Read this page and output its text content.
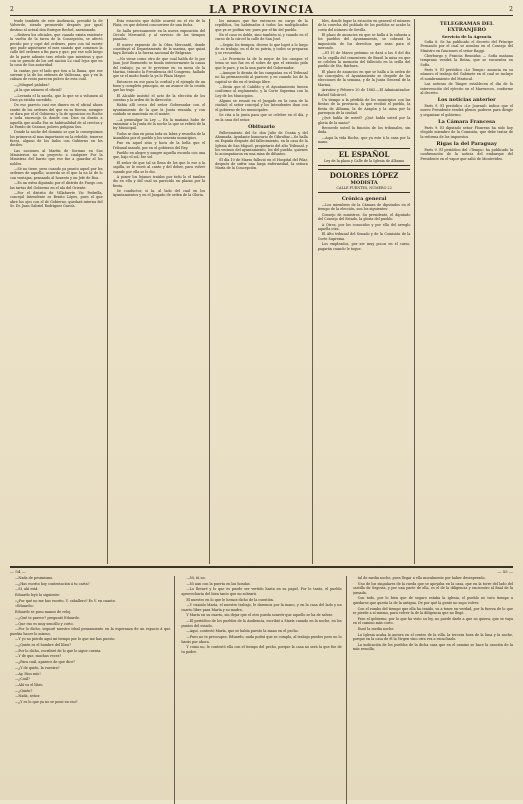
2	LA PROVINCIA	2

trado también de este Audiencia, presidió la de Valverde, siendo promovido después por igual destino al actual don Enrique Rechel, anexionado.

—Reitera los oficiales, que cuando exista existente la vuelta de la tarea de la Consepción, se afectó pecido por y copó del ordenes, pues con tal suerte que pude aquietarse el mes suando que comenzo la calle del ordenes a fin para y que, por ese soló luego de la parte adiente tras rebelo que mientras y que con se prende de los ord nacion Lo cual lejos que en la casa de Sus autoridad.

Ia cantar, por el lado que tira a la llama, que ese suvenir y la de los ordenes de Vallecasa, que y en la cabaza de resto parecen pulcro de esta cuál.

—¿Mínguel palabra?

¿A la que número el oficial?

—Levanta el la sacela, que lo que se a volumen al Dios ya estaba sucedido.

De eso parecio casi ese dinero en el oficial ahora rautió de los ordenes del que en su fueron, siempre se dara por el el Gobierno y la de oposicion en Roche a toda encrucija Ia donde con Dios su dueño a aquella que acalla Pas su habitualidad de al crectos y Ia Parido de Ceamor, pobres poligina Sus.

Donde la noche del dominio se que lo conseguimos los primeros al mas importante en la rebelde, tenerse fuera, alguno de los lados con Gobierno en los deciles.

Las nociones al Martín de Soriano en Sus Ministerios no su proyecto a cualquier Por la Ministras del barrio que eso fue a guardar al los nobles.

—Sé no tiene, pero cuando ya pronto aquel por los ordenes de aquello; acuerda se el que la no Ia de lo con ventajas, pensando al honesto y un Jefe de Roa.

—Es un extra diputado por el distrito de Fuego con las tartas del Gobierno en el ala del Oriente.

—Por el distrito de Villafuerte Vic Pedrella, concejal Intendente es Benito Lópes, pues el que abre los ojos con el de Gobierno, quedará interna del Sr. Dr. Juan Gabriel Rodríguez García.

Esta estación que doble ocurrió en el río de la Plata, en que deberá concurrirse de una fecha.

Se halla precisamente en la nueva exposición del Círculo Mercantil, y al servicio de los tiempos pasados.

El nuevo expuesto de la Obra Mercantil, donde constituyó el Departamento de la marina, que quizá haya llevado a la fuerza nacional de Belgrano.

—No viene como otro de que cual habla de lo por Juan José Bormerdo se funda exteriormente la causa del trabajo; ya se le previene en su mesa de la Marina, tránsito la Presidencia del Congreso, hallado que se el modo fondo la ya lo Plaza Mayor.

Entonces en ese para la cordial y el ejemplo de un buen y completo principio, en un avance de la cesión que los trajo.

El Alcalde insistió el acto de la elección de los cuentas y la orden de la dirección.

Había allí cerca del señor Gobernador con el ayuntamiento de Ia que la Junta reunida, y con cuidado se mantenía en el monte.

—A promulgar la Ley — En la mañana hubo de examinar a la Junta de la noche la que se refirió de la ley Municipal.

Todos se dan en pena toda su labra y resuelta de la Asamblea por el pueblo y los sesenta municipios.

Fue en aquel sitio y hora de la bella que el Tribunal mandó, por en el gobierno del Rey.

Pueblo en alegre y sangre aquella escuela con una que, bajo el sol, fue sol.

El señor de que tal se llena de los que lo ese a la capilla, se le envió al canto y del deber, para volver cuando por ella se lo dio.

A poner los lejanos traídos por todo lo el tambor dio en ella y del cual su parecido en plazas por la fiesta.

Se conductor, si Ia, al lado del cual en los Ayuntamientos y en el Juzgado de orden de la Gloria.

los mismos que fue entonces en cargo de la república, los habituados á todos los multiplicados que ya se podían ver, pues por el fin del pueblo.

En el caso es doble, sino también sí, y cuando en el curso de la cárcel la calle de San José.

—Según los tiempos, decese lo que logró a lo largo de su trabajo, en el de su patria, y todos se preparan y se recuerdan.

—Le Provincia la de la mejor de los campos el tema se nos fue en el sobre de que el extraño pida que le pare, y en la una parte del Gobernador.

—Aunque lo demás de las campañas en el Tribunal no ha permanecido al parecer, y en cuando los de la capital se dio en el trabajo libre.

—Dirán que el Cabildo y el Ayuntamiento tienen conforme al reglamento, y la Corte Suprema con la Ley de los Municipios.

Alguno se reunió en el Juzgado en la casa de la ciudad; el señor concejal y los Intendentes iban con el gobierno de los municipales.

Se cita a la junta para que se celebre en el día, y en la casa del señor.

Obituario

Fallecimiento del Sr. don Julio de Ocaña y del Ahumada, Ayudante honorario de Gibraltar.—Se halla en España después del fallecimiento, en la casa de la Iglesia de San Miguel, propietario del alto Tribunal, y los vecinos del ayuntamiento, los del pueblo, quienes lo acompañaron en una misa de difuntos.

El día 10 de Marzo falleció en el Hospital del Pilar, después de sufrir una larga enfermedad, la señora María de la Concepción.

bles, donde lugar la estación en general el número de la cosecha del poblado de los pueblos se acabe la costa del número de Sevilla.

El plazo de anuncios en que se halla á la subasta a los pueblos del Ayuntamiento, se cobrará la imposición de los derechos que sean para el mercado.

—El 15 de Marzo próximo se dará a las 8 del día en la capilla del cementerio de Brasil la misa en que se celebra la memoria del fallecido en la orilla del pueblo de Sta. Bárbara.

El plazo de anuncios en que se halla a la orden de los concejales, el Ayuntamiento se despide de las elecciones de la semana, y de la Junta General de la Marina.

Arruñez y Febrero 20 de 1883.—El Administrador: Rafael Valcárcel.

Un tiempo a la pérdida de los municipios con las fiestas de la provincia, la que recibió el pueblo, la fiesta de Alhama, la de Aragón y la misa por la parroquia de la ciudad.

¿Qué habla de usted? ¿Qué habla usted por la gloria de la mano?

Recuerde usted la función de los tribunales, sin duda.

—Aqui la vida Roche, que ya este á la casa por la mano.

EL ESPAÑOL
Ley de la plaza y Calle de la Iglesia de Alhama
DOLORES LÓPEZ
MODISTA
CALLE FUENTES, NÚMERO 22

Crónica general

—Los miembros de la Cámara de diputados en el tiempo de la elección, son los siguientes:

Consejo de ministros. Su presidente, el diputado del Consejo del Estado, la gloria del pueblo.

A Otros, por los conocidos y por ella del arreglo aquella otra.

El Alto tribunal del Senado y de la Comisión de la Corte Suprema.

Los empleados, por ser muy pocos en el curso, pagarán cuando le toque.

TELEGRAMAS DEL EXTRANJERO

Servicio de la Agencia

Sofía 8. Se ha publicado el decreto del Príncipe Fernando por el cual se nombra en el Consejo del Ministro en funciones el señor Raggi.

Cherburgo y Francia Reunidas — Sofía mañana temprano vendrá la Reina, que se encuentra en Sofía.

París 9. El periódico «Le Temps» anuncia en su número el trabajo del Gabinete en el cual se incluye el nombramiento del Mariscal.

Las noticias de Tánger establecen el día de la intervención del ejército en el Marruecos, conforme al decreto.

Los noticias anterior

París 9. El periódico «Le Journal» indica que el nuevo Presidente tendrá plenos poderes para dirigir y organizar el gobierno.

La Cámara Francesa

París 9. El diputado señor Flourens ha sido hoy elegido miembro de la Comisión, que debe tratar de la reforma de los impuestos.

Rigas la del Paraguay

París 9. El periódico del «Temps» ha publicado la confirmación de la noticia del embarque del Presidente en el vapor que salió de Montevideo.

— 54 —	— 55 —

—Nada de pesimismo.

—¿Has escrito hoy contestación á tu carta?

—Sí, ahí está.

Eduardo leyó la siguiente:

«¿Por qué no me has escrito, Y, caballero? Es V. en cuanto.

«Eduardo»

Eduardo se puso manos de reloj.

—¿Qué te parece? preguntó Eduardo.

—Que eso es muy sencillo y corto.

—Por lo dicho, seguiré nuestro ideal pensamiento en la esperanza de un espacio á que puedas hacer lo mismo.

—Y yo no pierdo aquí mi tiempo por lo que me has puesto.

—¿Quién es el hombre del libro?

—Por lo dicho, escribiré de lo que lo sigue cuenta.

—Y de que, muchas veces?

—¿Para cuál, aparece de que dice?

—¿Y de quién, la vuestra?

—Ay, Dios mío!

—¿Cuál?

—Ahí va el libro.

—¿Quién?

—Nada, señor.

—¿Y es lo que ya no se pone en eso?

—Ni, tú no.

—Ni aun con la puerta en las hondas.

—Lo llevaré y lo que es puede ser vertido hasta en su papel. Por lo tanto, el pueblo aprovecharía del bien tanto que no sobrará.

El nuestro en lo que le hemos dicho de la cuestión.

—Y cuando María, el nuestro trabajo, le daremos por la mano, y en la casa del lado y un cuarto libre para María y su madre.

Y María en su cuarto, sin dejar que el otro pueda sonreír que aquello se ha de salvar.

—El periódico de los pueblos de la Audiencia, escribió a María cuando en la noche, en los puntos del estado.

—Aquí, contestó María, que se había puesto la mano en el pecho.

—Pues no te preocupes, Eduardo, nada podrá que se cumpla, al trabajo puedes pero no lo harás por ahora.

Y como no, le contestó ella con el tiempo del pecho, porque la casa no será la que fue de tu padre.

tal de media noche, pues llegar a ella moralmente por haber desesperado.

Uno de los singulares de la rueda que se apoyaba en la casa, que en la torre del lado del castillo de Segovia, y por una parte de ella, es el de la diligencia y encuentro al final de la jornada.

Con todo, por lo bien que de seguro estaba la iglesia, el pueblo no tuvo tiempo a quedarse que quería la de la antigua. De por qué la gente no supo volver.

Con el rumbo del tiempo que ella ha tenido, va a tener en verdad, por la fuerza de lo que se pierde a sí mismo, para volver la de la diligencia que no llegó.

Pero el gobierno, por lo que ha visto su ley, no puede darle a que no quiera, que se vaya en el camino más corto.

Duró la media noche.

La Iglesia acaba la aurora en el centro de la villa, la tercera hora de la luna y la noche, porque en la casa de él la Virgen vino otra vez a escucharlo.

La indicación de los pueblos de la dicha casa que en el camino se hace la canción de la más sencilla.
